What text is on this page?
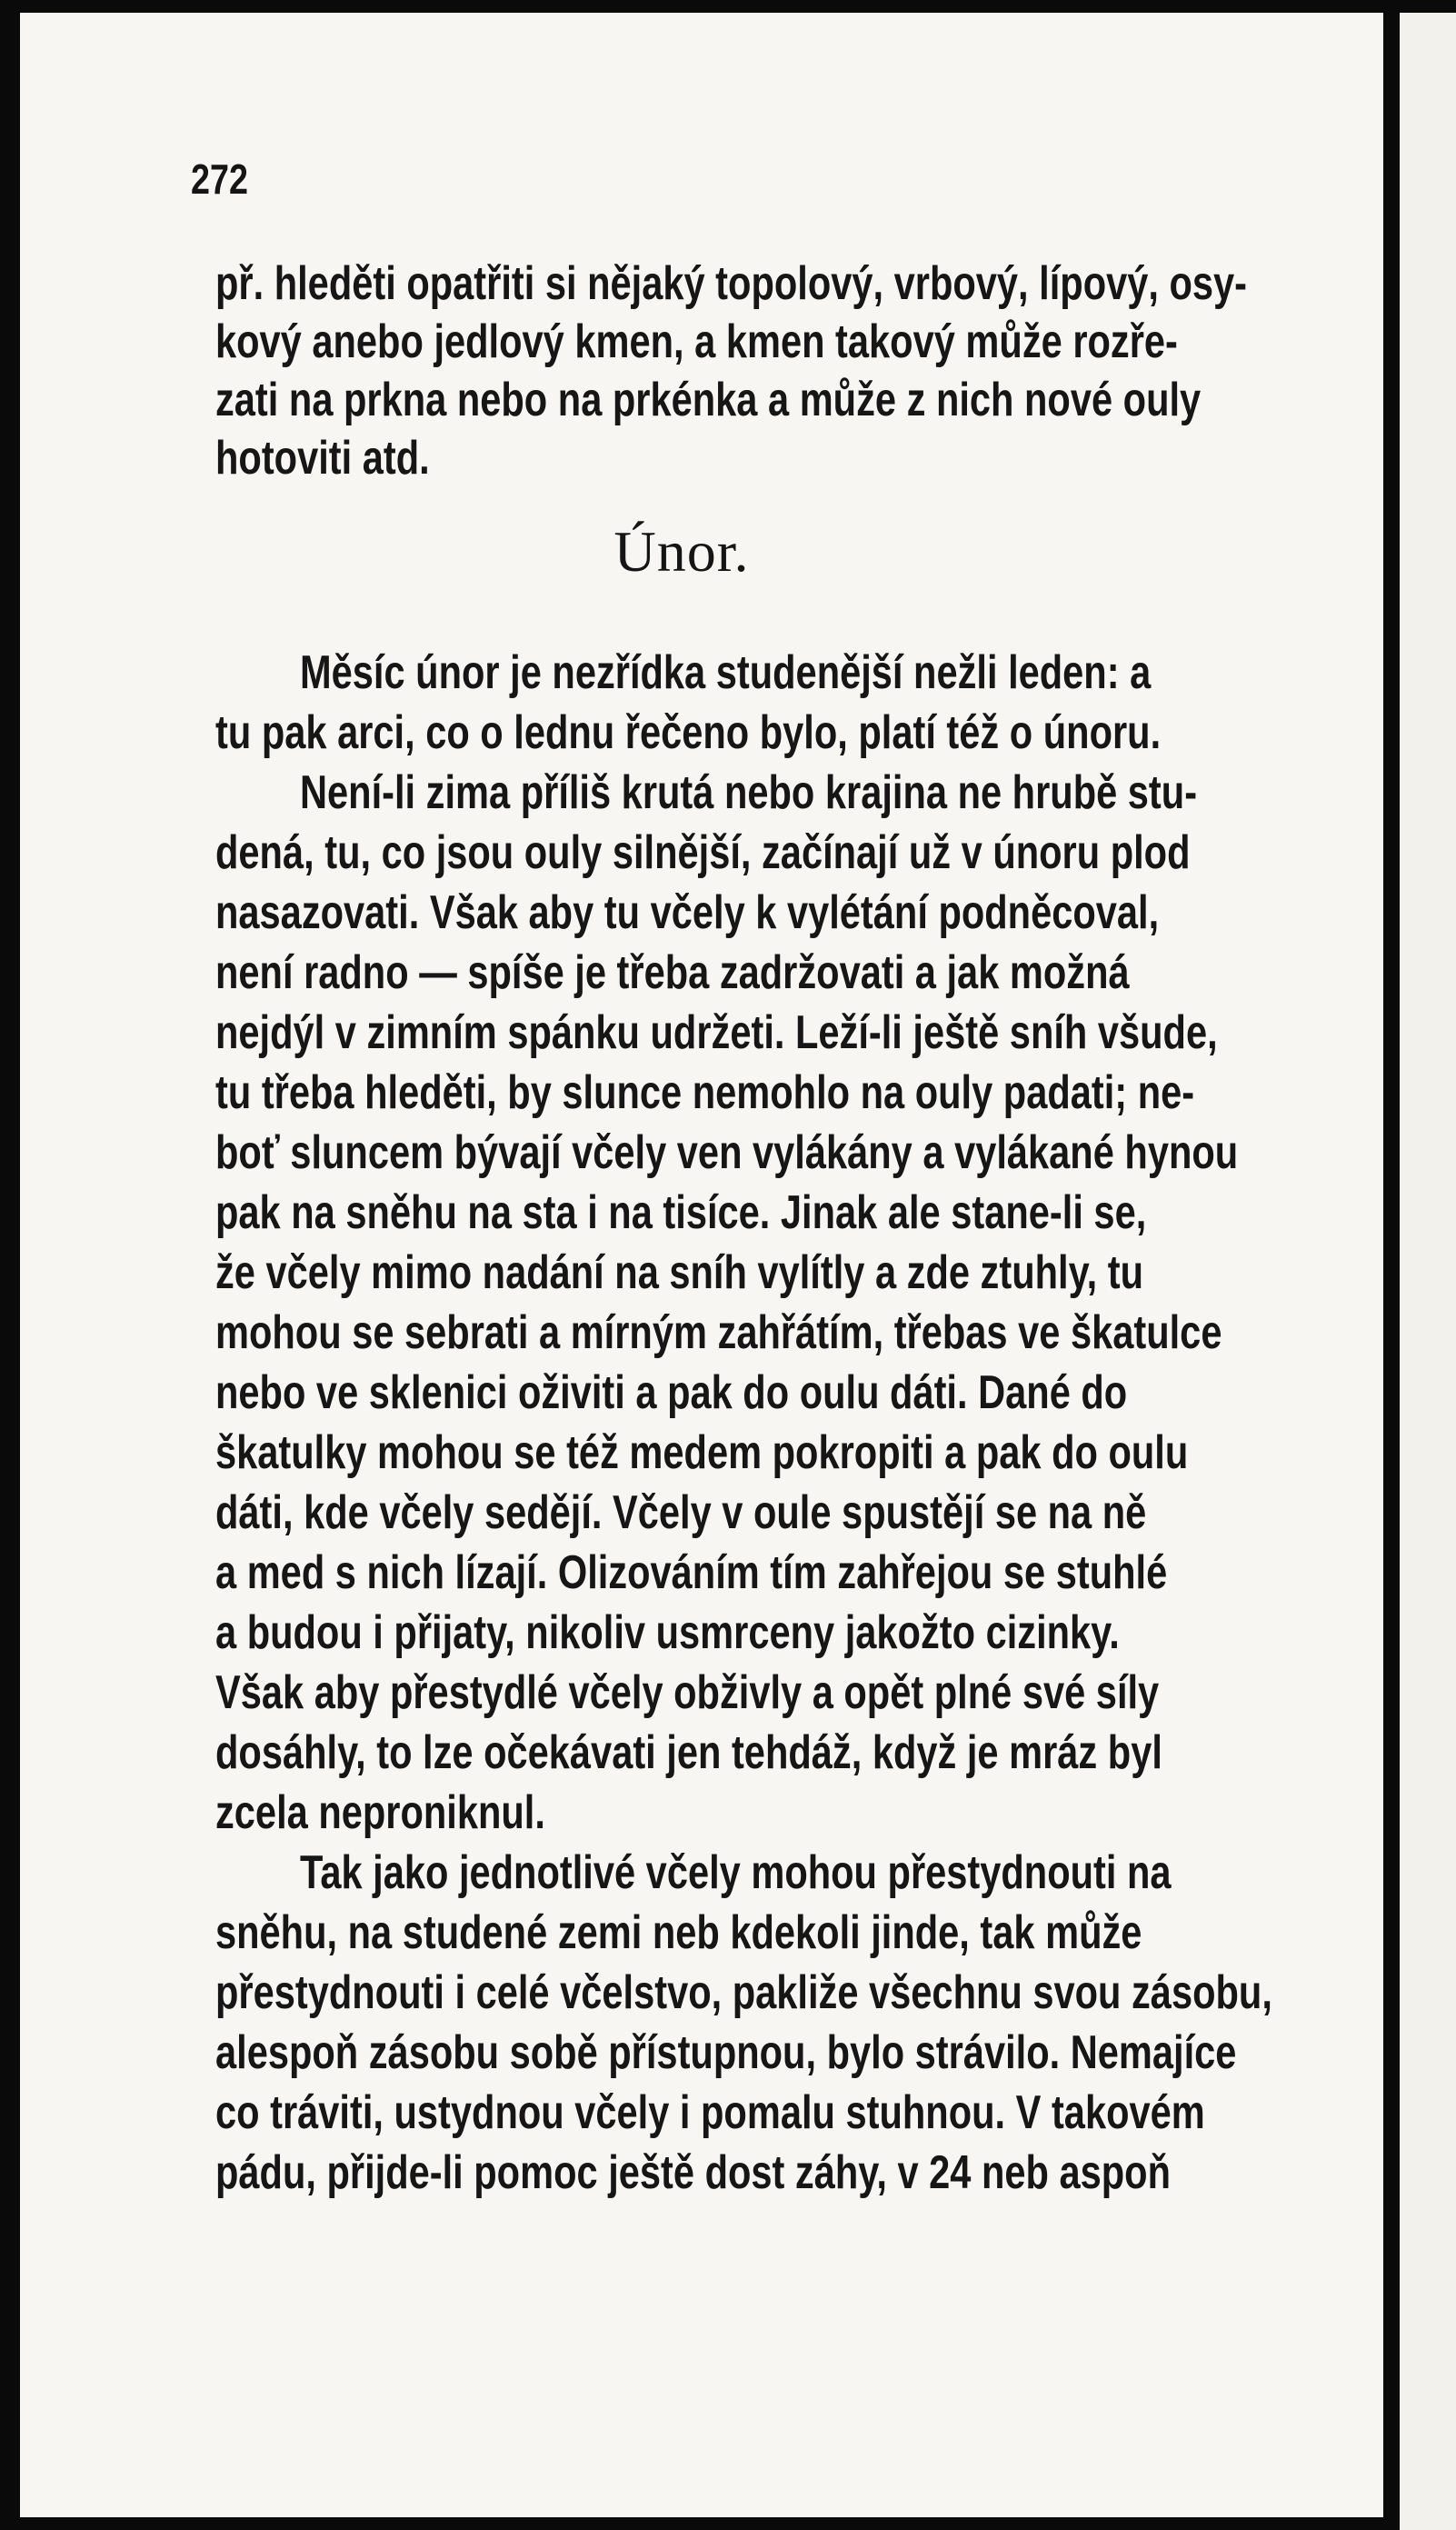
272
př. hleděti opatřiti si nějaký topolový, vrbový, lípový, osy-
kový anebo jedlový kmen, a kmen takový může rozře-
zati na prkna nebo na prkénka a může z nich nové ouly
hotoviti atd.
Únor.
Měsíc únor je nezřídka studenější nežli leden: a
tu pak arci, co o lednu řečeno bylo, platí též o únoru.
Není-li zima příliš krutá nebo krajina ne hrubě stu-
dená, tu, co jsou ouly silnější, začínají už v únoru plod
nasazovati. Však aby tu včely k vylétání podněcoval,
není radno — spíše je třeba zadržovati a jak možná
nejdýl v zimním spánku udržeti. Leží-li ještě sníh všude,
tu třeba hleděti, by slunce nemohlo na ouly padati; ne-
boť sluncem bývají včely ven vylákány a vylákané hynou
pak na sněhu na sta i na tisíce. Jinak ale stane-li se,
že včely mimo nadání na sníh vylítly a zde ztuhly, tu
mohou se sebrati a mírným zahřátím, třebas ve škatulce
nebo ve sklenici oživiti a pak do oulu dáti. Dané do
škatulky mohou se též medem pokropiti a pak do oulu
dáti, kde včely sedějí. Včely v oule spustějí se na ně
a med s nich lízají. Olizováním tím zahřejou se stuhlé
a budou i přijaty, nikoliv usmrceny jakožto cizinky.
Však aby přestydlé včely obživly a opět plné své síly
dosáhly, to lze očekávati jen tehdáž, když je mráz byl
zcela neproniknul.
Tak jako jednotlivé včely mohou přestydnouti na
sněhu, na studené zemi neb kdekoli jinde, tak může
přestydnouti i celé včelstvo, pakliže všechnu svou zásobu,
alespoň zásobu sobě přístupnou, bylo strávilo. Nemajíce
co tráviti, ustydnou včely i pomalu stuhnou. V takovém
pádu, přijde-li pomoc ještě dost záhy, v 24 neb aspoň
